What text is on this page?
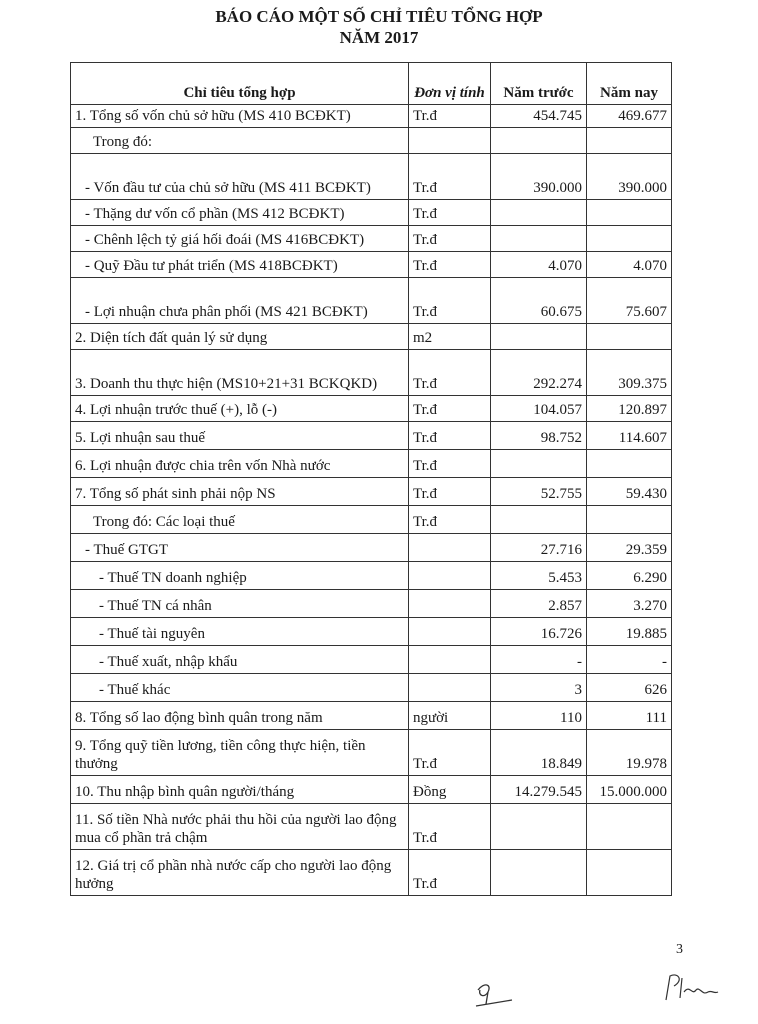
BÁO CÁO MỘT SỐ CHỈ TIÊU TỔNG HỢP
NĂM 2017
Chỉ tiêu tổng hợp	Đơn vị tính	Năm trước	Năm nay
1. Tổng số vốn chủ sở hữu (MS 410 BCĐKT)	Tr.đ	454.745	469.677
Trong đó:			
- Vốn đầu tư của chủ sở hữu (MS 411 BCĐKT)	Tr.đ	390.000	390.000
- Thặng dư vốn cổ phần (MS 412 BCĐKT)	Tr.đ		
- Chênh lệch tỷ giá hối đoái (MS 416BCĐKT)	Tr.đ		
- Quỹ Đầu tư phát triển (MS 418BCĐKT)	Tr.đ	4.070	4.070
- Lợi nhuận chưa phân phối (MS 421 BCĐKT)	Tr.đ	60.675	75.607
2. Diện tích đất quản lý sử dụng	m2		
3. Doanh thu thực hiện (MS10+21+31 BCKQKD)	Tr.đ	292.274	309.375
4. Lợi nhuận trước thuế (+), lỗ (-)	Tr.đ	104.057	120.897
5. Lợi nhuận sau thuế	Tr.đ	98.752	114.607
6. Lợi nhuận được chia trên vốn Nhà nước	Tr.đ		
7. Tổng số phát sinh phải nộp NS	Tr.đ	52.755	59.430
Trong đó: Các loại thuế	Tr.đ		
- Thuế GTGT		27.716	29.359
- Thuế TN doanh nghiệp		5.453	6.290
- Thuế TN cá nhân		2.857	3.270
- Thuế tài nguyên		16.726	19.885
- Thuế xuất, nhập khẩu		-	-
- Thuế khác		3	626
8. Tổng số lao động bình quân trong năm	người	110	111
9. Tổng quỹ tiền lương, tiền công thực hiện, tiền thưởng	Tr.đ	18.849	19.978
10. Thu nhập bình quân người/tháng	Đồng	14.279.545	15.000.000
11. Số tiền Nhà nước phải thu hồi của người lao động mua cổ phần trả chậm	Tr.đ		
12. Giá trị cổ phần nhà nước cấp cho người lao động hưởng	Tr.đ		
3
